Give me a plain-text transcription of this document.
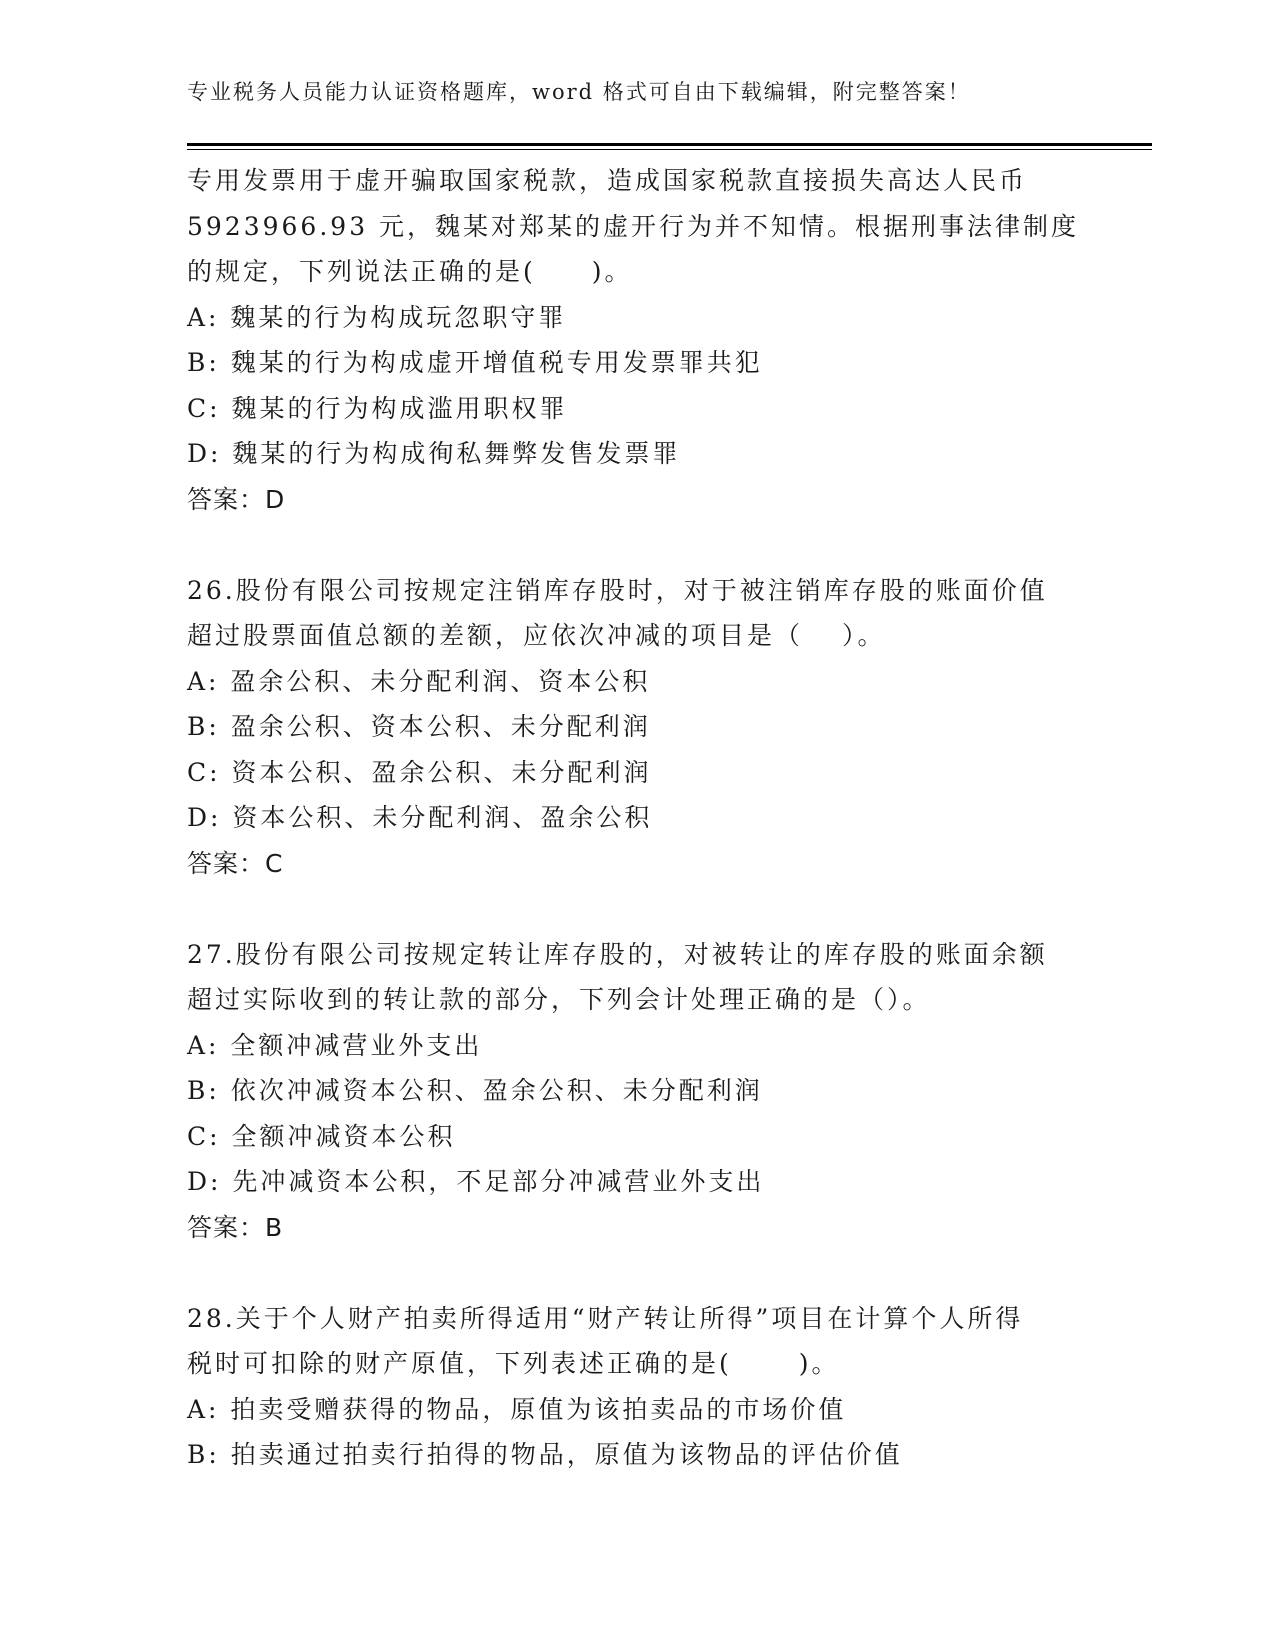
专业税务人员能力认证资格题库，word 格式可自由下载编辑，附完整答案！
专用发票用于虚开骗取国家税款，造成国家税款直接损失高达人民币
5923966.93 元，魏某对郑某的虚开行为并不知情。根据刑事法律制度
的规定，下列说法正确的是(　　)。
A: 魏某的行为构成玩忽职守罪
B: 魏某的行为构成虚开增值税专用发票罪共犯
C: 魏某的行为构成滥用职权罪
D: 魏某的行为构成徇私舞弊发售发票罪
答案：D
26.股份有限公司按规定注销库存股时，对于被注销库存股的账面价值
超过股票面值总额的差额，应依次冲减的项目是（　 ）。
A: 盈余公积、未分配利润、资本公积
B: 盈余公积、资本公积、未分配利润
C: 资本公积、盈余公积、未分配利润
D: 资本公积、未分配利润、盈余公积
答案：C
27.股份有限公司按规定转让库存股的，对被转让的库存股的账面余额
超过实际收到的转让款的部分，下列会计处理正确的是（）。
A: 全额冲减营业外支出
B: 依次冲减资本公积、盈余公积、未分配利润
C: 全额冲减资本公积
D: 先冲减资本公积，不足部分冲减营业外支出
答案：B
28.关于个人财产拍卖所得适用“财产转让所得”项目在计算个人所得
税时可扣除的财产原值，下列表述正确的是(　　 )。
A: 拍卖受赠获得的物品，原值为该拍卖品的市场价值
B: 拍卖通过拍卖行拍得的物品，原值为该物品的评估价值
